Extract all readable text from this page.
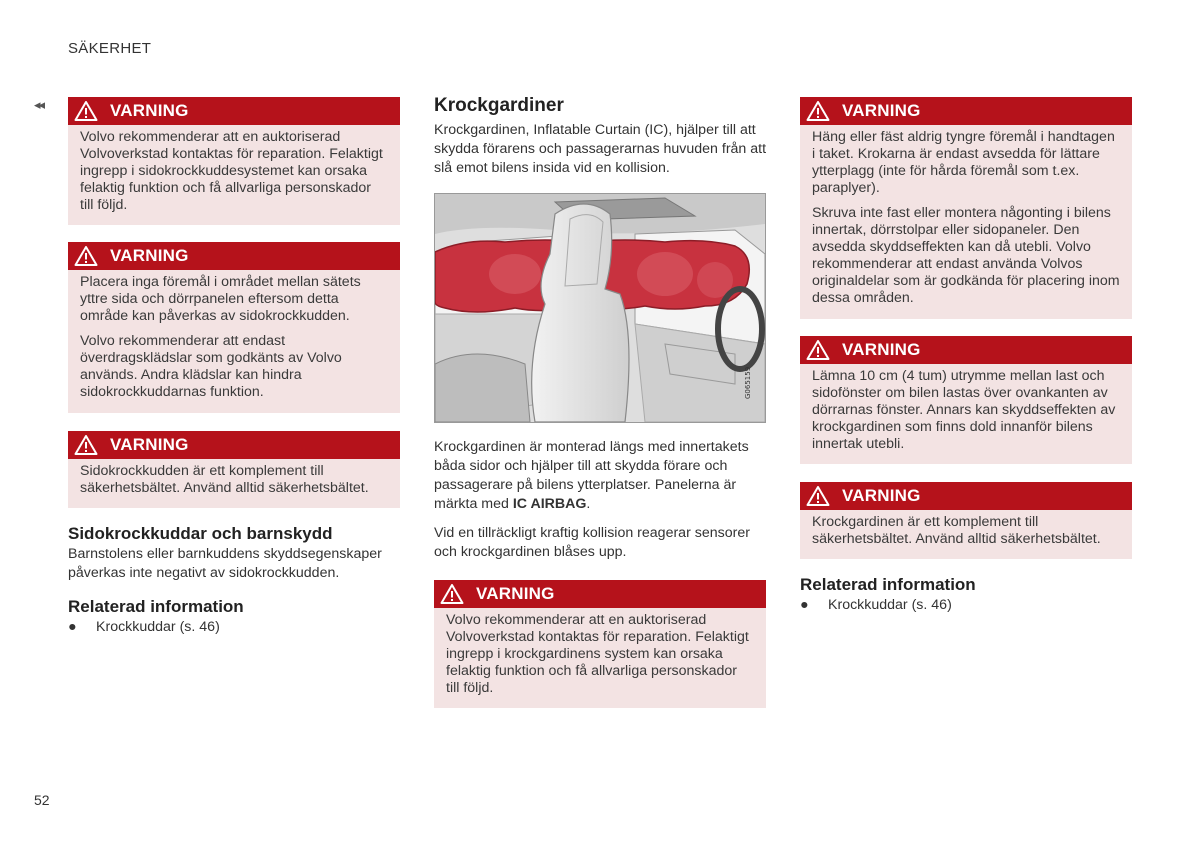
SÄKERHET
◂◂	VARNING

Volvo rekommenderar att en auktoriserad Volvoverkstad kontaktas för reparation. Felaktigt ingrepp i sidokrockkuddesystemet kan orsaka felaktig funktion och få allvarliga personskador till följd.

VARNING

Placera inga föremål i området mellan sätets yttre sida och dörrpanelen eftersom detta område kan påverkas av sidokrockkudden.

Volvo rekommenderar att endast överdragsklädslar som godkänts av Volvo används. Andra klädslar kan hindra sidokrockkuddarnas funktion.

VARNING

Sidokrockkudden är ett komplement till säkerhetsbältet. Använd alltid säkerhetsbältet.

Sidokrockkuddar och barnskydd
Barnstolens eller barnkuddens skyddsegenskaper påverkas inte negativt av sidokrockkudden.
Relaterad information
●	Krockkuddar (s. 46)
Krockgardiner
Krockgardinen, Inflatable Curtain (IC), hjälper till att skydda förarens och passagerarnas huvuden från att slå emot bilens insida vid en kollision.
G065159
Krockgardinen är monterad längs med innertakets båda sidor och hjälper till att skydda förare och passagerare på bilens ytterplatser. Panelerna är märkta med IC AIRBAG.
Vid en tillräckligt kraftig kollision reagerar sensorer och krockgardinen blåses upp.
VARNING

Volvo rekommenderar att en auktoriserad Volvoverkstad kontaktas för reparation. Felaktigt ingrepp i krockgardinens system kan orsaka felaktig funktion och få allvarliga personskador till följd.

VARNING

Häng eller fäst aldrig tyngre föremål i handtagen i taket. Krokarna är endast avsedda för lättare ytterplagg (inte för hårda föremål som t.ex. paraplyer).

Skruva inte fast eller montera någonting i bilens innertak, dörrstolpar eller sidopaneler. Den avsedda skyddseffekten kan då utebli. Volvo rekommenderar att endast använda Volvos originaldelar som är godkända för placering inom dessa områden.

VARNING

Lämna 10 cm (4 tum) utrymme mellan last och sidofönster om bilen lastas över ovankanten av dörrarnas fönster. Annars kan skyddseffekten av krockgardinen som finns dold innanför bilens innertak utebli.

VARNING

Krockgardinen är ett komplement till säkerhetsbältet. Använd alltid säkerhetsbältet.

Relaterad information
●	Krockkuddar (s. 46)
52
